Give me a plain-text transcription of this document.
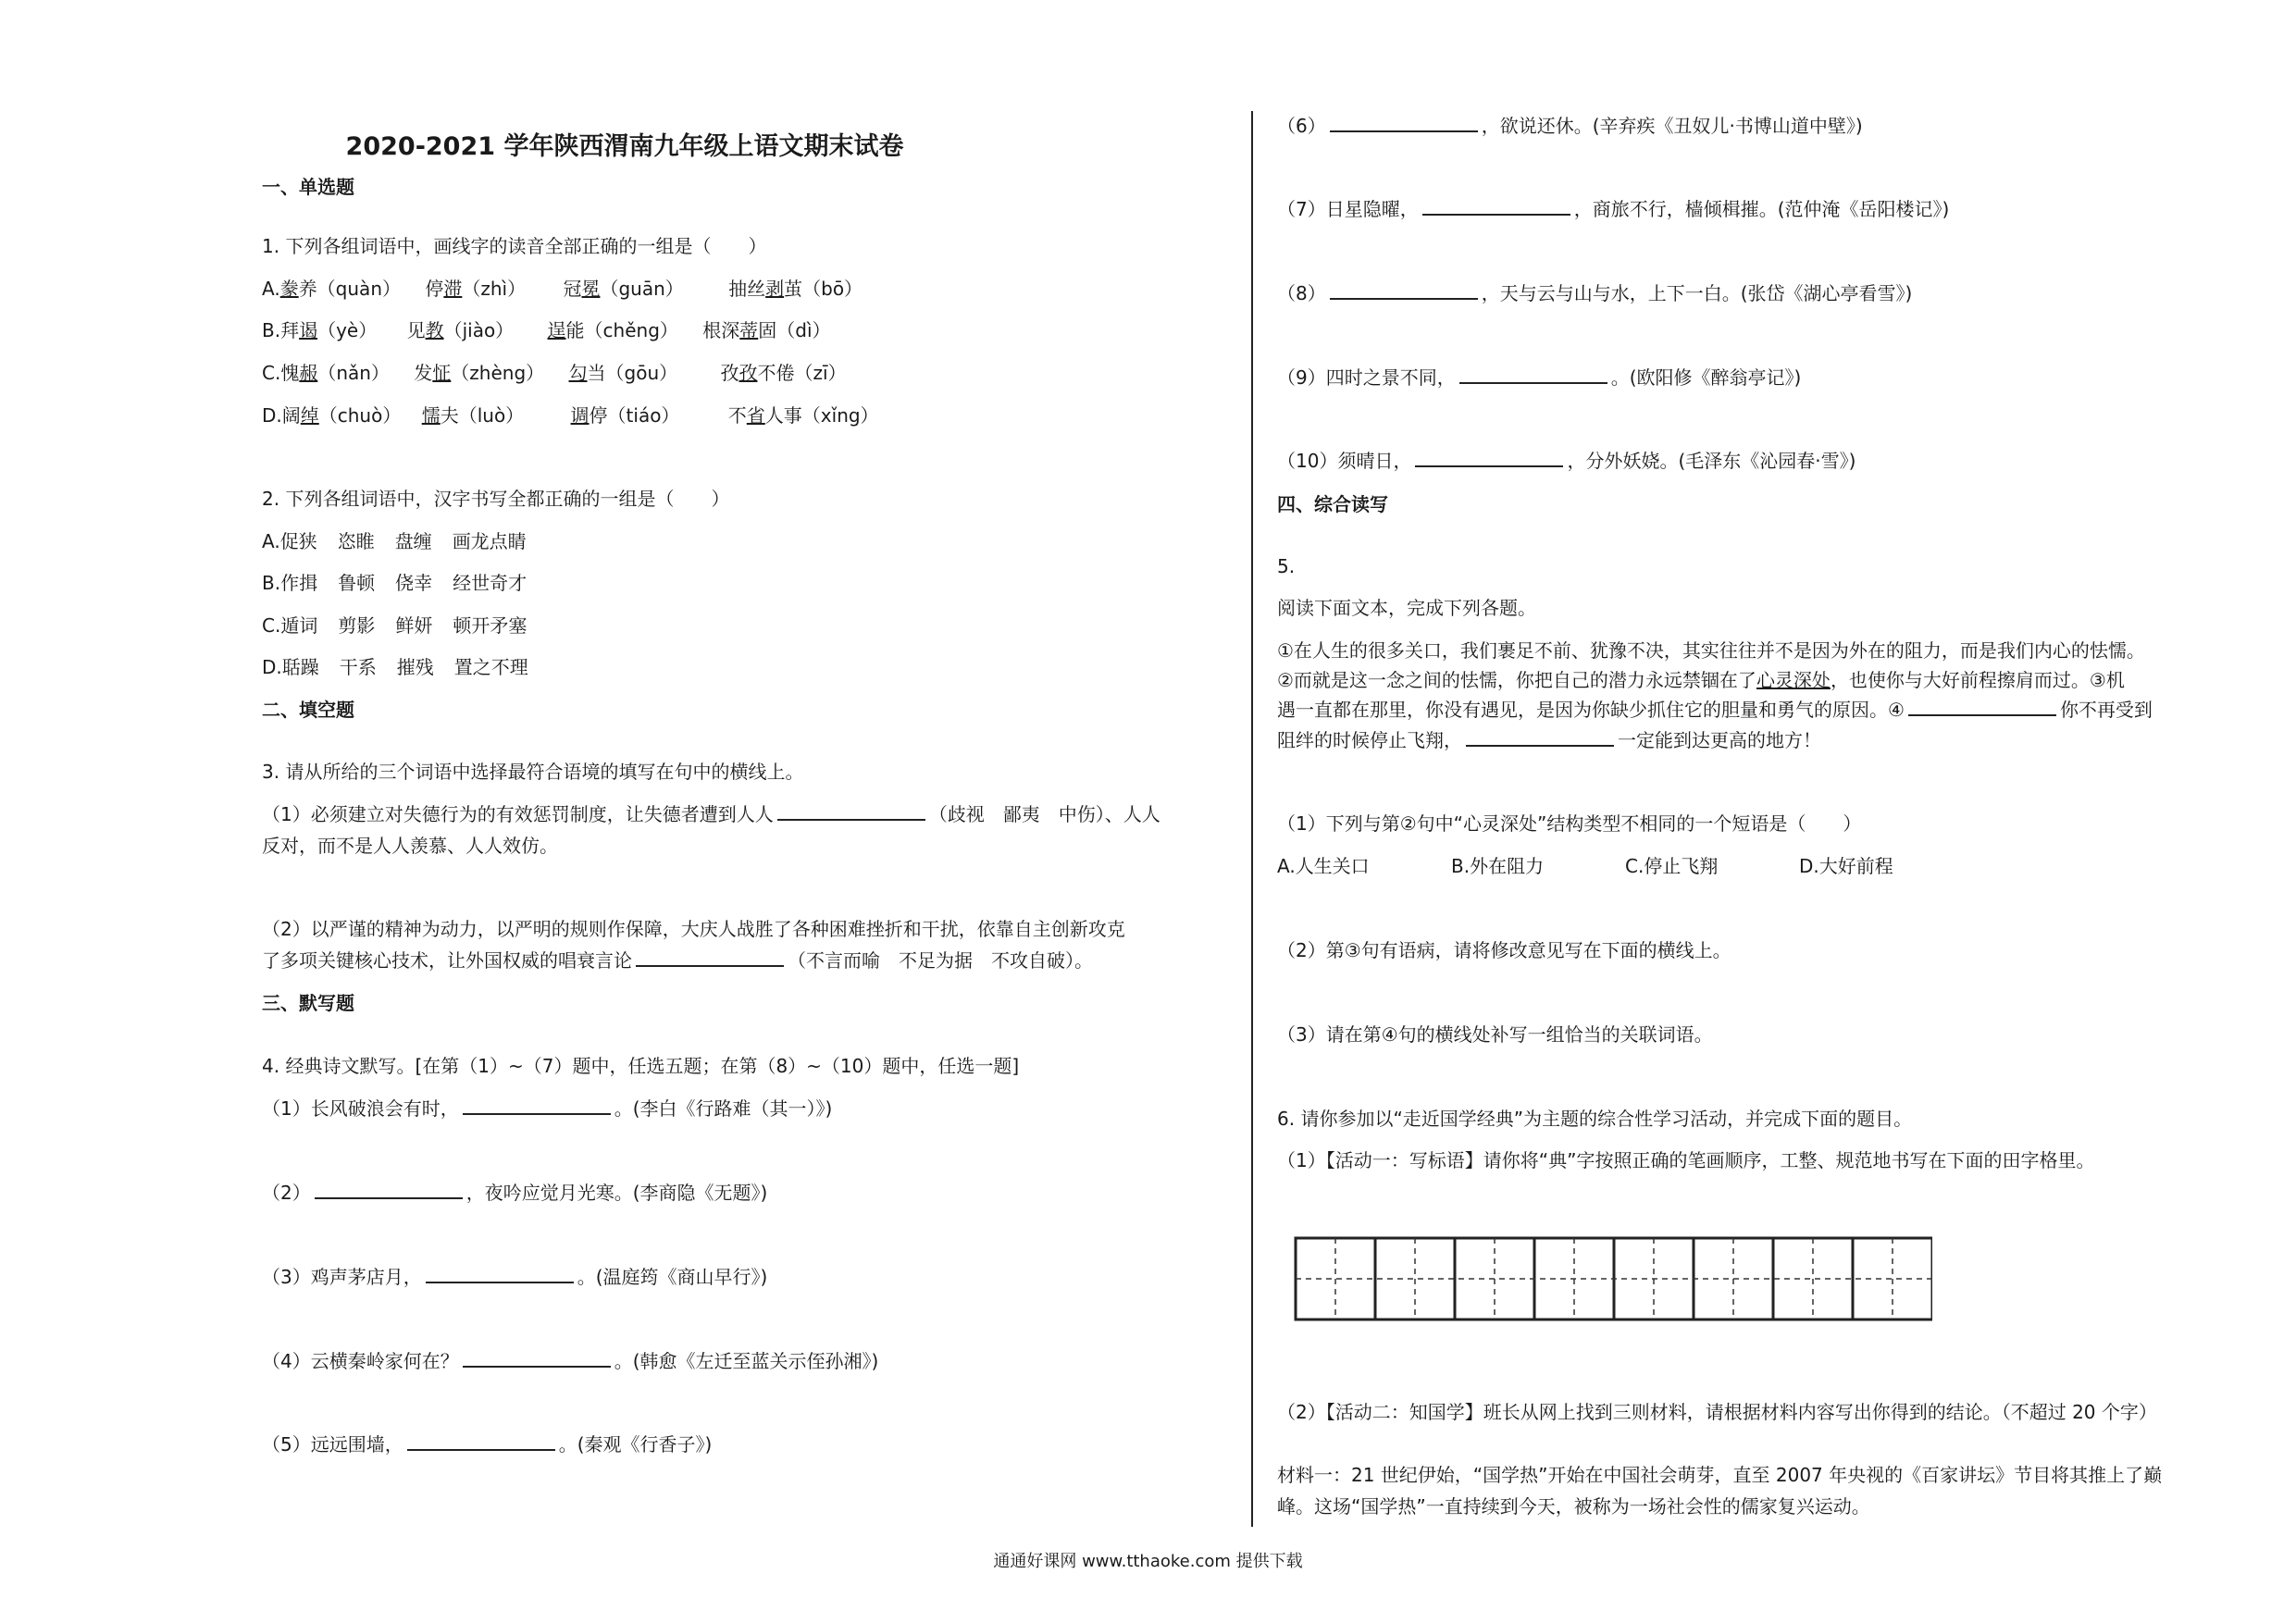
2020-2021 学年陕西渭南九年级上语文期末试卷
一、单选题
1. 下列各组词语中，画线字的读音全部正确的一组是（　　）
A.豢养（quàn） 停滞（zhì） 冠冕（guān） 抽丝剥茧（bō）
B.拜谒（yè） 见教（jiào） 逞能（chěng） 根深蒂固（dì）
C.愧赧（nǎn） 发怔（zhèng） 勾当（gōu） 孜孜不倦（zī）
D.阔绰（chuò） 懦夫（luò）	调停（tiáo）	不省人事（xǐng）
2. 下列各组词语中，汉字书写全都正确的一组是（　　）
A.促狭 恣睢 盘缠 画龙点睛
B.作揖 鲁顿 侥幸 经世奇才
C.遁词 剪影 鲜妍 顿开矛塞
D.聒躁 干系 摧残 置之不理
二、填空题
3. 请从所给的三个词语中选择最符合语境的填写在句中的横线上。
（1）必须建立对失德行为的有效惩罚制度，让失德者遭到人人	（歧视　鄙夷　中伤）、人人
反对，而不是人人羡慕、人人效仿。
（2）以严谨的精神为动力，以严明的规则作保障，大庆人战胜了各种困难挫折和干扰，依靠自主创新攻克
了多项关键核心技术，让外国权威的唱衰言论	（不言而喻　不足为据　不攻自破）。
三、默写题
4. 经典诗文默写。[在第（1）~（7）题中，任选五题；在第（8）~（10）题中，任选一题]
（1）长风破浪会有时，	。(李白《行路难（其一）》)
（2）	，夜吟应觉月光寒。(李商隐《无题》)
（3）鸡声茅店月，	。(温庭筠《商山早行》)
（4）云横秦岭家何在？	。(韩愈《左迁至蓝关示侄孙湘》)
（5）远远围墙，	。(秦观《行香子》)
（6）	，欲说还休。(辛弃疾《丑奴儿·书博山道中壁》)
（7）日星隐曜，	，商旅不行，樯倾楫摧。(范仲淹《岳阳楼记》)
（8）	，天与云与山与水，上下一白。(张岱《湖心亭看雪》)
（9）四时之景不同，	。(欧阳修《醉翁亭记》)
（10）须晴日，	，分外妖娆。(毛泽东《沁园春·雪》)
四、综合读写
5.
阅读下面文本，完成下列各题。
①在人生的很多关口，我们裹足不前、犹豫不决，其实往往并不是因为外在的阻力，而是我们内心的怯懦。
②而就是这一念之间的怯懦，你把自己的潜力永远禁锢在了心灵深处，也使你与大好前程擦肩而过。③机
遇一直都在那里，你没有遇见，是因为你缺少抓住它的胆量和勇气的原因。④	你不再受到
阻绊的时候停止飞翔，	一定能到达更高的地方！
（1）下列与第②句中“心灵深处”结构类型不相同的一个短语是（　　）
A.人生关口	B.外在阻力	C.停止飞翔	D.大好前程
（2）第③句有语病，请将修改意见写在下面的横线上。
（3）请在第④句的横线处补写一组恰当的关联词语。
6. 请你参加以“走近国学经典”为主题的综合性学习活动，并完成下面的题目。
（1）【活动一：写标语】请你将“典”字按照正确的笔画顺序，工整、规范地书写在下面的田字格里。
（2）【活动二：知国学】班长从网上找到三则材料，请根据材料内容写出你得到的结论。（不超过 20 个字）
材料一：21 世纪伊始，“国学热”开始在中国社会萌芽，直至 2007 年央视的《百家讲坛》节目将其推上了巅
峰。这场“国学热”一直持续到今天，被称为一场社会性的儒家复兴运动。
通通好课网 www.tthaoke.com 提供下载
